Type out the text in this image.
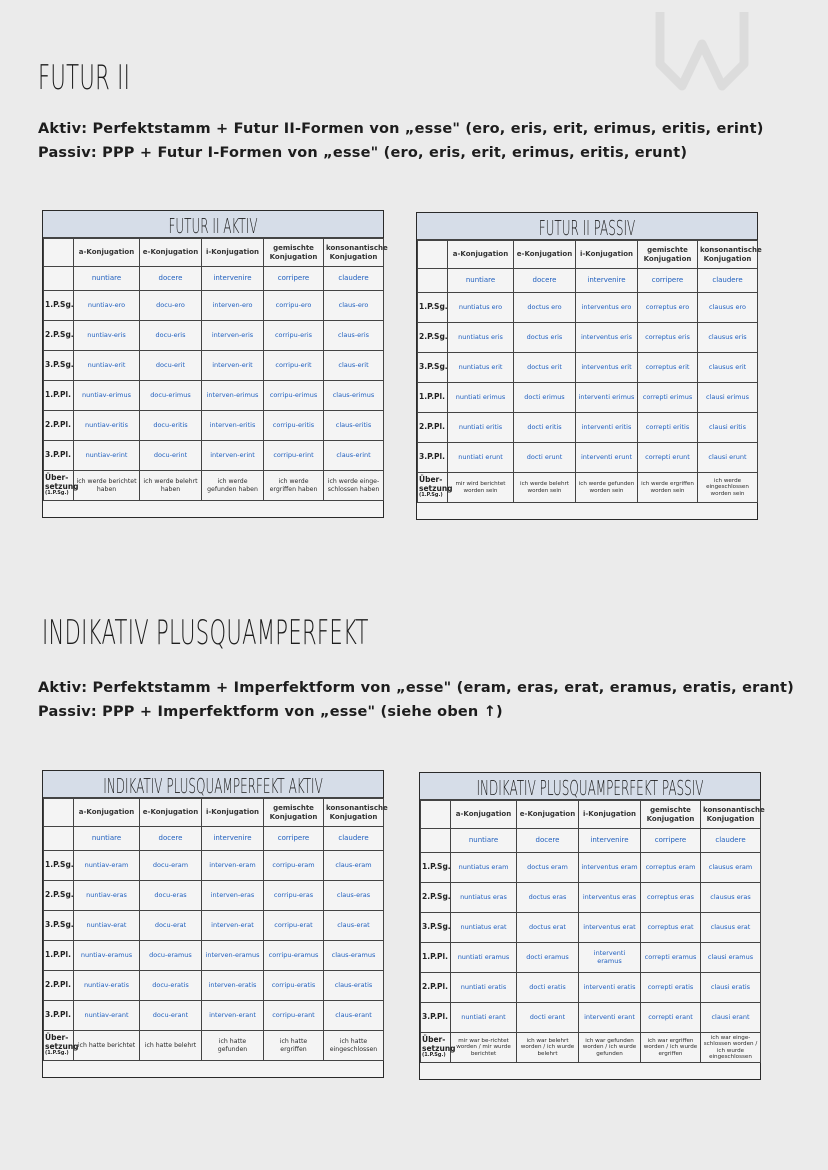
FUTUR II
Aktiv: Perfektstamm + Futur II-Formen von „esse" (ero, eris, erit, erimus, eritis, erint)
Passiv: PPP + Futur I-Formen von „esse" (ero, eris, erit, erimus, eritis, erunt)
FUTUR II AKTIV
	a-Konjugation	e-Konjugation	i-Konjugation	gemischte Konjugation	konsonantische Konjugation
	nuntiare	docere	intervenire	corripere	claudere
1.P.Sg.	nuntiav-ero	docu-ero	interven-ero	corripu-ero	claus-ero
2.P.Sg.	nuntiav-eris	docu-eris	interven-eris	corripu-eris	claus-eris
3.P.Sg.	nuntiav-erit	docu-erit	interven-erit	corripu-erit	claus-erit
1.P.Pl.	nuntiav-erimus	docu-erimus	interven-erimus	corripu-erimus	claus-erimus
2.P.Pl.	nuntiav-eritis	docu-eritis	interven-eritis	corripu-eritis	claus-eritis
3.P.Pl.	nuntiav-erint	docu-erint	interven-erint	corripu-erint	claus-erint
Über-setzung
(1.P.Sg.)	ich werde berichtet haben	ich werde belehrt haben	ich werde gefunden haben	ich werde ergriffen haben	ich werde einge-schlossen haben
FUTUR II PASSIV
	a-Konjugation	e-Konjugation	i-Konjugation	gemischte Konjugation	konsonantische Konjugation
	nuntiare	docere	intervenire	corripere	claudere
1.P.Sg.	nuntiatus ero	doctus ero	interventus ero	correptus ero	clausus ero
2.P.Sg.	nuntiatus eris	doctus eris	interventus eris	correptus eris	clausus eris
3.P.Sg.	nuntiatus erit	doctus erit	interventus erit	correptus erit	clausus erit
1.P.Pl.	nuntiati erimus	docti erimus	interventi erimus	correpti erimus	clausi erimus
2.P.Pl.	nuntiati eritis	docti eritis	interventi eritis	correpti eritis	clausi eritis
3.P.Pl.	nuntiati erunt	docti erunt	interventi erunt	correpti erunt	clausi erunt
Über-setzung
(1.P.Sg.)	mir wird berichtet worden sein	ich werde belehrt worden sein	ich werde gefunden worden sein	ich werde ergriffen worden sein	ich werde eingeschlossen worden sein
INDIKATIV PLUSQUAMPERFEKT
Aktiv: Perfektstamm + Imperfektform von „esse" (eram, eras, erat, eramus, eratis, erant)
Passiv: PPP + Imperfektform von „esse" (siehe oben ↑)
INDIKATIV PLUSQUAMPERFEKT AKTIV
	a-Konjugation	e-Konjugation	i-Konjugation	gemischte Konjugation	konsonantische Konjugation
	nuntiare	docere	intervenire	corripere	claudere
1.P.Sg.	nuntiav-eram	docu-eram	interven-eram	corripu-eram	claus-eram
2.P.Sg.	nuntiav-eras	docu-eras	interven-eras	corripu-eras	claus-eras
3.P.Sg.	nuntiav-erat	docu-erat	interven-erat	corripu-erat	claus-erat
1.P.Pl.	nuntiav-eramus	docu-eramus	interven-eramus	corripu-eramus	claus-eramus
2.P.Pl.	nuntiav-eratis	docu-eratis	interven-eratis	corripu-eratis	claus-eratis
3.P.Pl.	nuntiav-erant	docu-erant	interven-erant	corripu-erant	claus-erant
Über-setzung
(1.P.Sg.)	ich hatte berichtet	ich hatte belehrt	ich hatte gefunden	ich hatte ergriffen	ich hatte eingeschlossen
INDIKATIV PLUSQUAMPERFEKT PASSIV
	a-Konjugation	e-Konjugation	i-Konjugation	gemischte Konjugation	konsonantische Konjugation
	nuntiare	docere	intervenire	corripere	claudere
1.P.Sg.	nuntiatus eram	doctus eram	interventus eram	correptus eram	clausus eram
2.P.Sg.	nuntiatus eras	doctus eras	interventus eras	correptus eras	clausus eras
3.P.Sg.	nuntiatus erat	doctus erat	interventus erat	correptus erat	clausus erat
1.P.Pl.	nuntiati eramus	docti eramus	interventi eramus	correpti eramus	clausi eramus
2.P.Pl.	nuntiati eratis	docti eratis	interventi eratis	correpti eratis	clausi eratis
3.P.Pl.	nuntiati erant	docti erant	interventi erant	correpti erant	clausi erant
Über-setzung
(1.P.Sg.)	mir war be-richtet worden / mir wurde berichtet	ich war belehrt worden / ich wurde belehrt	ich war gefunden worden / ich wurde gefunden	ich war ergriffen worden / ich wurde ergriffen	ich war einge-schlossen worden / ich wurde eingeschlossen
